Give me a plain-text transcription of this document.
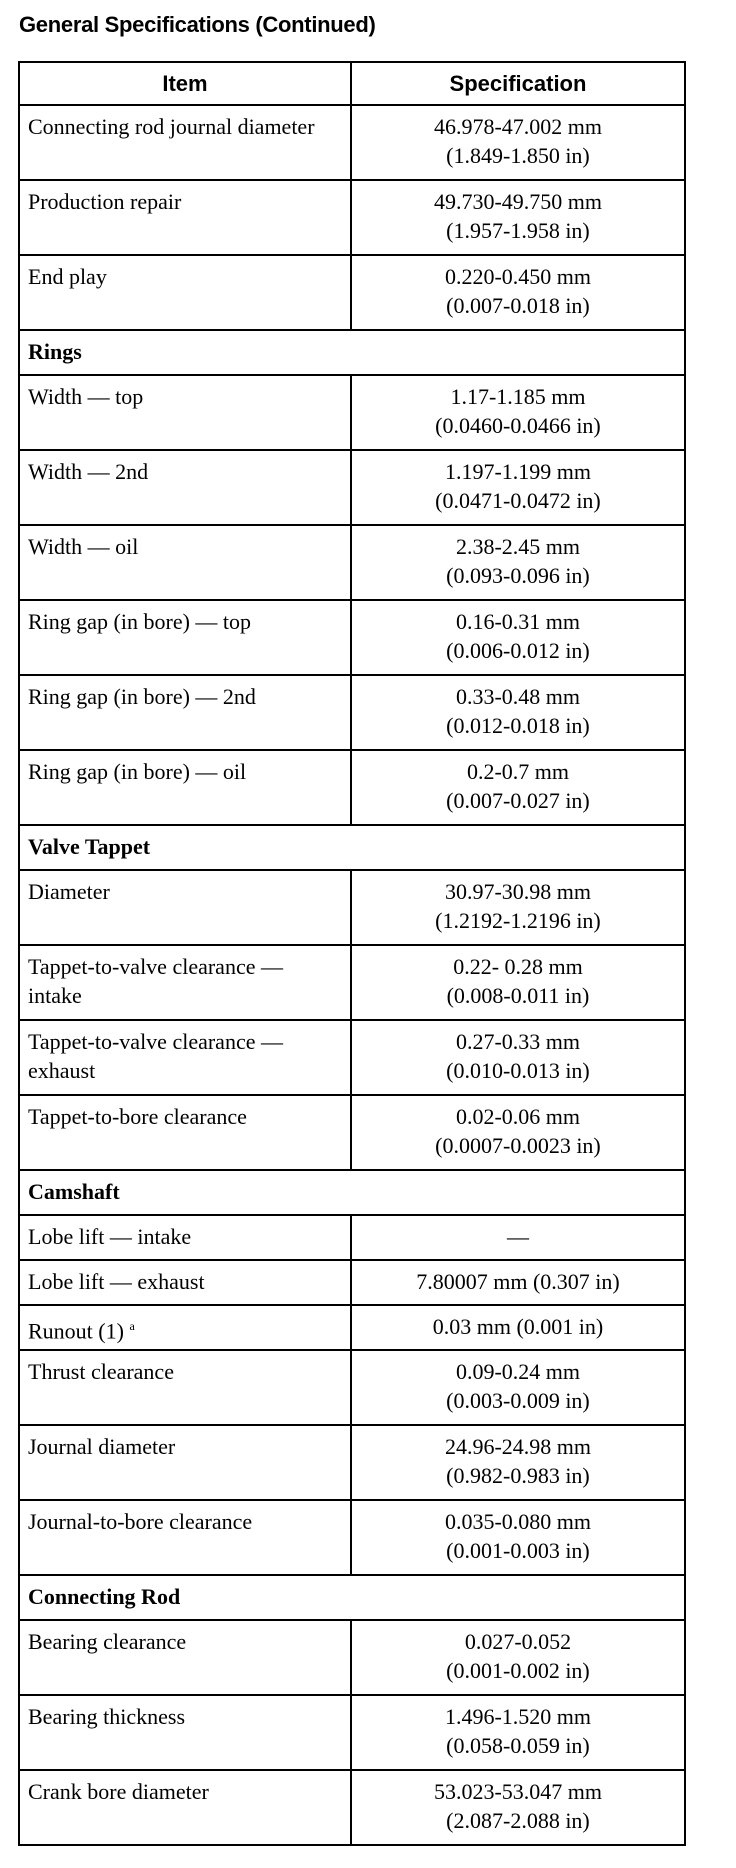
General Specifications (Continued)
Item	Specification
Connecting rod journal diameter	46.978-47.002 mm
(1.849-1.850 in)

Production repair	49.730-49.750 mm
(1.957-1.958 in)

End play	0.220-0.450 mm
(0.007-0.018 in)

Rings	
Width — top	1.17-1.185 mm
(0.0460-0.0466 in)

Width — 2nd	1.197-1.199 mm
(0.0471-0.0472 in)

Width — oil	2.38-2.45 mm
(0.093-0.096 in)

Ring gap (in bore) — top	0.16-0.31 mm
(0.006-0.012 in)

Ring gap (in bore) — 2nd	0.33-0.48 mm
(0.012-0.018 in)

Ring gap (in bore) — oil	0.2-0.7 mm
(0.007-0.027 in)

Valve Tappet	
Diameter	30.97-30.98 mm
(1.2192-1.2196 in)

Tappet-to-valve clearance — intake	0.22- 0.28 mm
(0.008-0.011 in)

Tappet-to-valve clearance — exhaust	0.27-0.33 mm
(0.010-0.013 in)

Tappet-to-bore clearance	0.02-0.06 mm
(0.0007-0.0023 in)

Camshaft	
Lobe lift — intake	—

Lobe lift — exhaust	7.80007 mm (0.307 in)

Runout (1) $^a$	0.03 mm (0.001 in)

Thrust clearance	0.09-0.24 mm
(0.003-0.009 in)

Journal diameter	24.96-24.98 mm
(0.982-0.983 in)

Journal-to-bore clearance	0.035-0.080 mm
(0.001-0.003 in)

Connecting Rod	
Bearing clearance	0.027-0.052
(0.001-0.002 in)

Bearing thickness	1.496-1.520 mm
(0.058-0.059 in)

Crank bore diameter	53.023-53.047 mm
(2.087-2.088 in)
